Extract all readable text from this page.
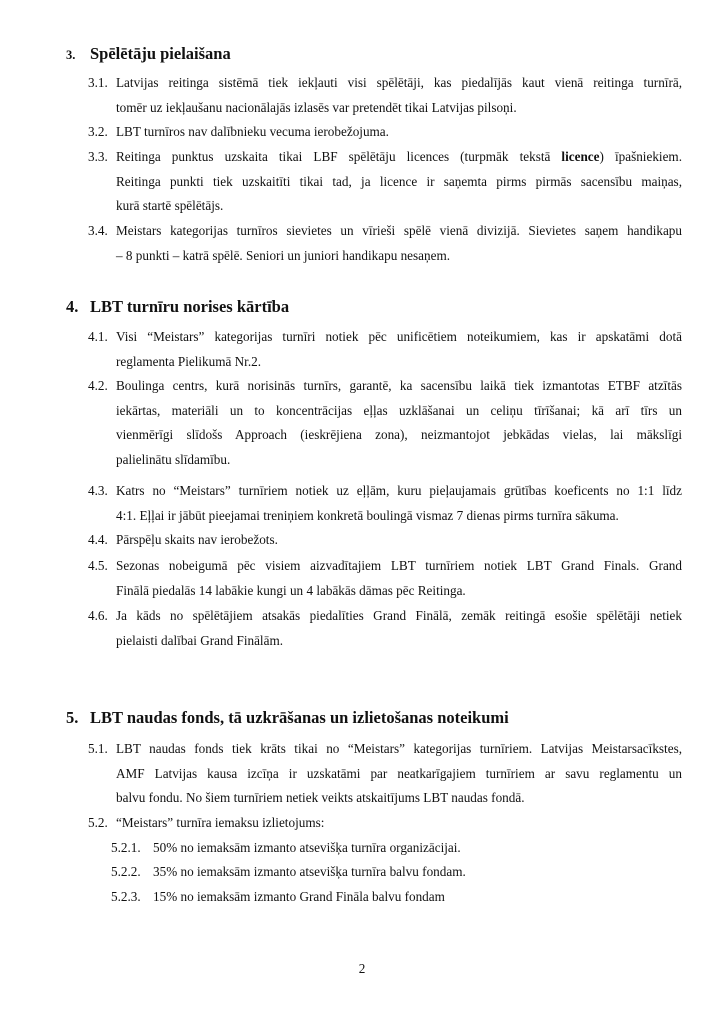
3. Spēlētāju pielaišana
3.1. Latvijas reitinga sistēmā tiek iekļauti visi spēlētāji, kas piedalījās kaut vienā reitinga turnīrā,
tomēr uz iekļaušanu nacionālajās izlasēs var pretendēt tikai Latvijas pilsoņi.
3.2. LBT turnīros nav dalībnieku vecuma ierobežojuma.
3.3. Reitinga punktus uzskaita tikai LBF spēlētāju licences (turpmāk tekstā licence) īpašniekiem.
Reitinga punkti tiek uzskaitīti tikai tad, ja licence ir saņemta pirms pirmās sacensību maiņas,
kurā startē spēlētājs.
3.4. Meistars kategorijas turnīros sievietes un vīrieši spēlē vienā divizijā. Sievietes saņem handikapu
– 8 punkti – katrā spēlē. Seniori un juniori handikapu nesaņem.
4. LBT turnīru norises kārtība
4.1. Visi “Meistars” kategorijas turnīri notiek pēc unificētiem noteikumiem, kas ir apskatāmi dotā
reglamenta Pielikumā Nr.2.
4.2. Boulinga centrs, kurā norisinās turnīrs, garantē, ka sacensību laikā tiek izmantotas ETBF atzītās
iekārtas, materiāli un to koncentrācijas eļļas uzklāšanai un celiņu tīrīšanai; kā arī tīrs un
vienmērīgi slīdošs Approach (ieskrējiena zona), neizmantojot jebkādas vielas, lai mākslīgi
palielinātu slīdamību.
4.3. Katrs no “Meistars” turnīriem notiek uz eļļām, kuru pieļaujamais grūtības koeficents no 1:1 līdz
4:1. Eļļai ir jābūt pieejamai treniņiem konkretā boulingā vismaz 7 dienas pirms turnīra sākuma.
4.4. Pārspēļu skaits nav ierobežots.
4.5. Sezonas nobeigumā pēc visiem aizvadītajiem LBT turnīriem notiek LBT Grand Finals. Grand
Finālā piedalās 14 labākie kungi un 4 labākās dāmas pēc Reitinga.
4.6. Ja kāds no spēlētājiem atsakās piedalīties Grand Finālā, zemāk reitingā esošie spēlētāji netiek
pielaisti dalībai Grand Finālām.
5. LBT naudas fonds, tā uzkrāšanas un izlietošanas noteikumi
5.1. LBT naudas fonds tiek krāts tikai no “Meistars” kategorijas turnīriem. Latvijas Meistarsacīkstes,
AMF Latvijas kausa izcīņa ir uzskatāmi par neatkarīgajiem turnīriem ar savu reglamentu un
balvu fondu. No šiem turnīriem netiek veikts atskaitījums LBT naudas fondā.
5.2. “Meistars” turnīra iemaksu izlietojums:
5.2.1. 50% no iemaksām izmanto atsevišķa turnīra organizācijai.
5.2.2. 35% no iemaksām izmanto atsevišķa turnīra balvu fondam.
5.2.3. 15% no iemaksām izmanto Grand Fināla balvu fondam
2
